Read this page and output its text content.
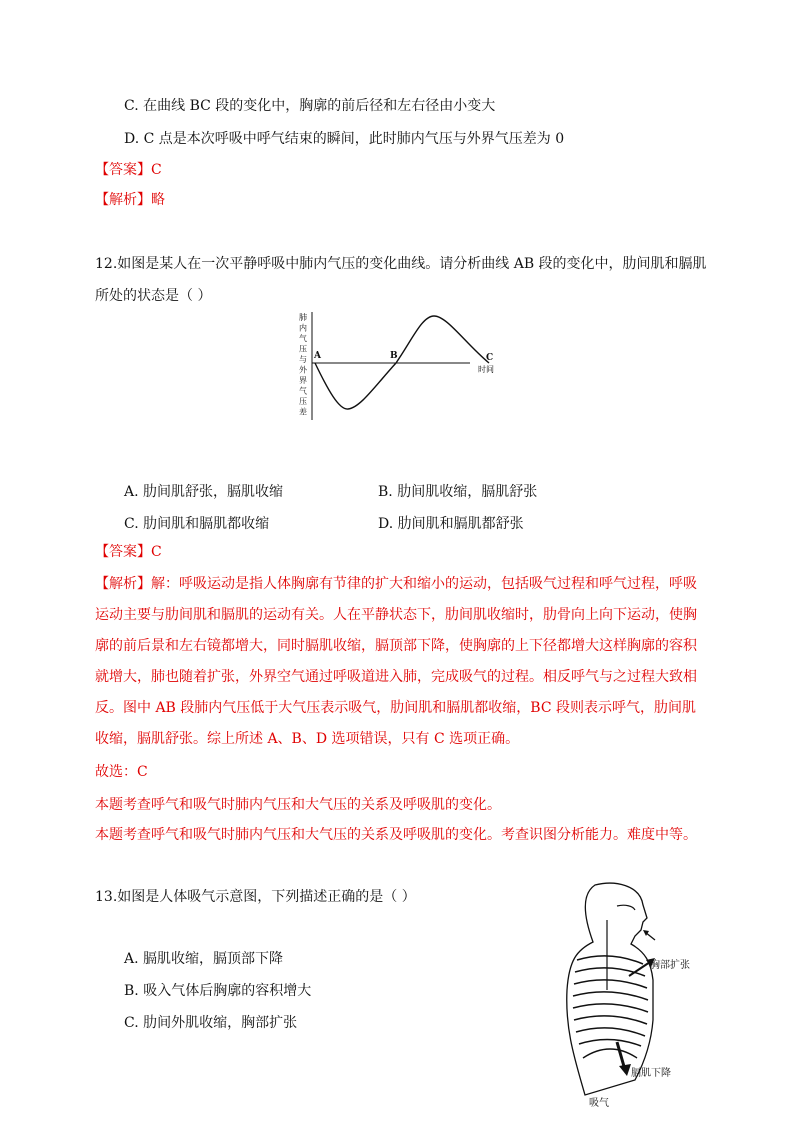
C. 在曲线 BC 段的变化中，胸廓的前后径和左右径由小变大
D. C 点是本次呼吸中呼气结束的瞬间，此时肺内气压与外界气压差为 0
【答案】C
【解析】略
12.如图是某人在一次平静呼吸中肺内气压的变化曲线。请分析曲线 AB 段的变化中，肋间肌和膈肌
所处的状态是（ ）
肺内气压与外界气压差
A	B	C
时间
A. 肋间肌舒张，膈肌收缩	B. 肋间肌收缩，膈肌舒张
C. 肋间肌和膈肌都收缩	D. 肋间肌和膈肌都舒张
【答案】C
【解析】解：呼吸运动是指人体胸廓有节律的扩大和缩小的运动，包括吸气过程和呼气过程，呼吸
运动主要与肋间肌和膈肌的运动有关。人在平静状态下，肋间肌收缩时，肋骨向上向下运动，使胸
廓的前后景和左右镜都增大，同时膈肌收缩，膈顶部下降，使胸廓的上下径都增大这样胸廓的容积
就增大，肺也随着扩张，外界空气通过呼吸道进入肺，完成吸气的过程。相反呼气与之过程大致相
反。图中 AB 段肺内气压低于大气压表示吸气，肋间肌和膈肌都收缩，BC 段则表示呼气，肋间肌
收缩，膈肌舒张。综上所述 A、B、D 选项错误，只有 C 选项正确。
故选：C
本题考查呼气和吸气时肺内气压和大气压的关系及呼吸肌的变化。
本题考查呼气和吸气时肺内气压和大气压的关系及呼吸肌的变化。考查识图分析能力。难度中等。
13.如图是人体吸气示意图，下列描述正确的是（ ）
A. 膈肌收缩，膈顶部下降
B. 吸入气体后胸廓的容积增大
C. 肋间外肌收缩，胸部扩张
胸部扩张
膈肌下降
吸气
